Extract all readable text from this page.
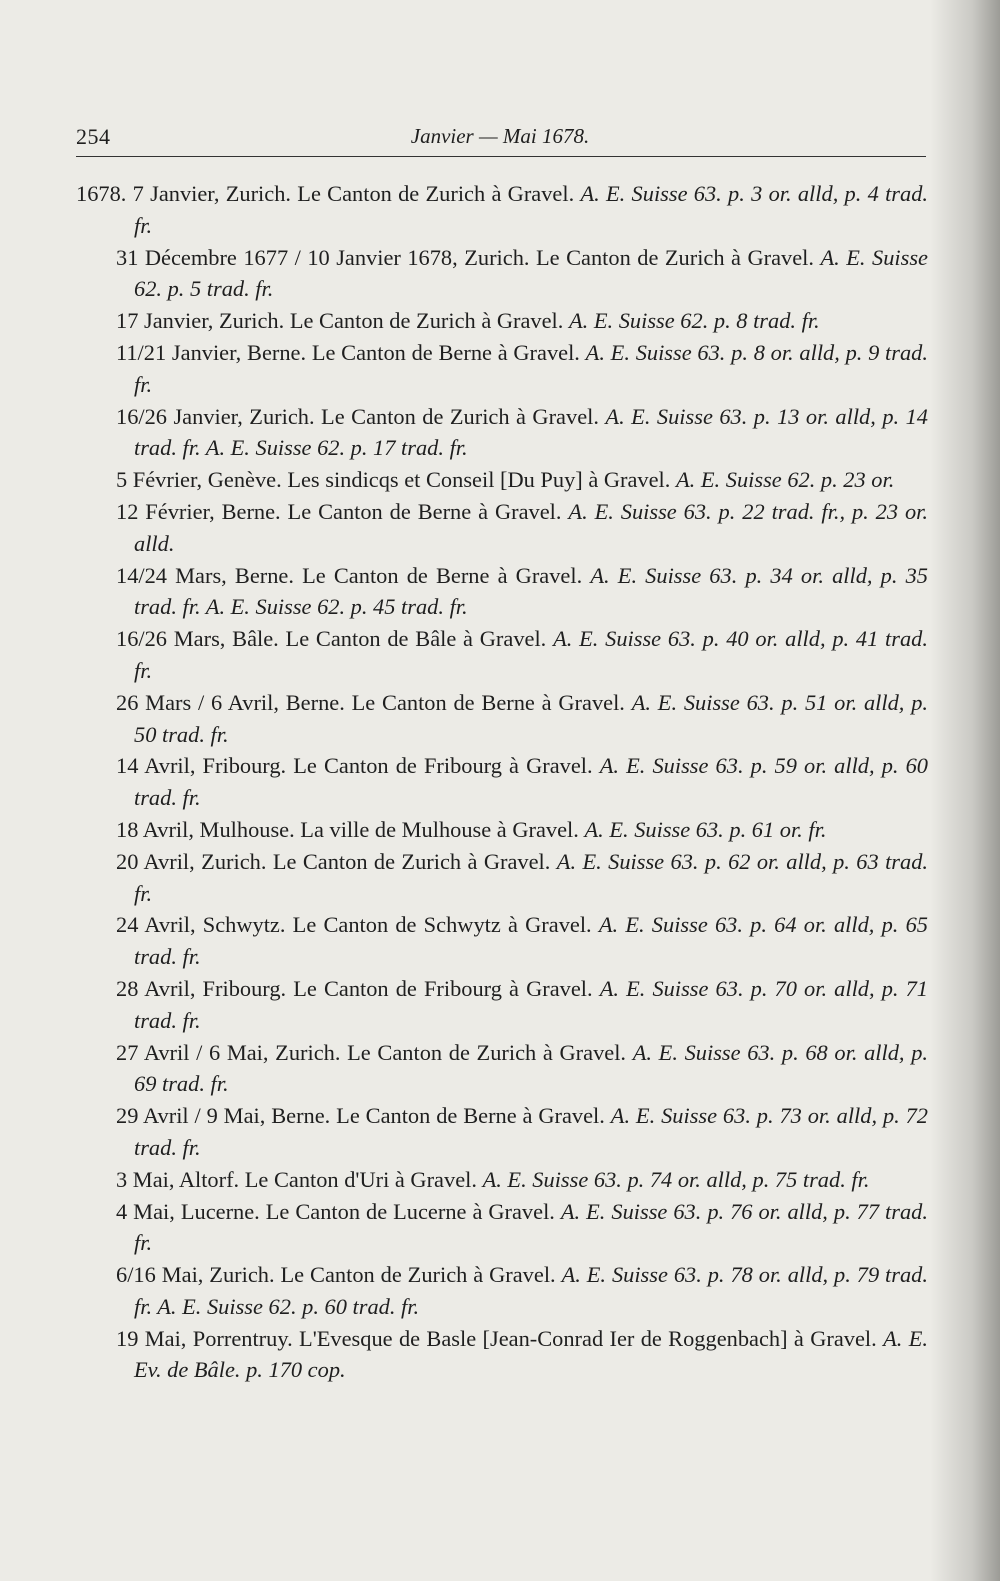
254	Janvier — Mai 1678.

1678. 7 Janvier, Zurich. Le Canton de Zurich à Gravel. A. E. Suisse 63. p. 3 or. alld, p. 4 trad. fr.

31 Décembre 1677 / 10 Janvier 1678, Zurich. Le Canton de Zurich à Gravel. A. E. Suisse 62. p. 5 trad. fr.

17 Janvier, Zurich. Le Canton de Zurich à Gravel. A. E. Suisse 62. p. 8 trad. fr.

11/21 Janvier, Berne. Le Canton de Berne à Gravel. A. E. Suisse 63. p. 8 or. alld, p. 9 trad. fr.

16/26 Janvier, Zurich. Le Canton de Zurich à Gravel. A. E. Suisse 63. p. 13 or. alld, p. 14 trad. fr. A. E. Suisse 62. p. 17 trad. fr.

5 Février, Genève. Les sindicqs et Conseil [Du Puy] à Gravel. A. E. Suisse 62. p. 23 or.

12 Février, Berne. Le Canton de Berne à Gravel. A. E. Suisse 63. p. 22 trad. fr., p. 23 or. alld.

14/24 Mars, Berne. Le Canton de Berne à Gravel. A. E. Suisse 63. p. 34 or. alld, p. 35 trad. fr. A. E. Suisse 62. p. 45 trad. fr.

16/26 Mars, Bâle. Le Canton de Bâle à Gravel. A. E. Suisse 63. p. 40 or. alld, p. 41 trad. fr.

26 Mars / 6 Avril, Berne. Le Canton de Berne à Gravel. A. E. Suisse 63. p. 51 or. alld, p. 50 trad. fr.

14 Avril, Fribourg. Le Canton de Fribourg à Gravel. A. E. Suisse 63. p. 59 or. alld, p. 60 trad. fr.

18 Avril, Mulhouse. La ville de Mulhouse à Gravel. A. E. Suisse 63. p. 61 or. fr.

20 Avril, Zurich. Le Canton de Zurich à Gravel. A. E. Suisse 63. p. 62 or. alld, p. 63 trad. fr.

24 Avril, Schwytz. Le Canton de Schwytz à Gravel. A. E. Suisse 63. p. 64 or. alld, p. 65 trad. fr.

28 Avril, Fribourg. Le Canton de Fribourg à Gravel. A. E. Suisse 63. p. 70 or. alld, p. 71 trad. fr.

27 Avril / 6 Mai, Zurich. Le Canton de Zurich à Gravel. A. E. Suisse 63. p. 68 or. alld, p. 69 trad. fr.

29 Avril / 9 Mai, Berne. Le Canton de Berne à Gravel. A. E. Suisse 63. p. 73 or. alld, p. 72 trad. fr.

3 Mai, Altorf. Le Canton d'Uri à Gravel. A. E. Suisse 63. p. 74 or. alld, p. 75 trad. fr.

4 Mai, Lucerne. Le Canton de Lucerne à Gravel. A. E. Suisse 63. p. 76 or. alld, p. 77 trad. fr.

6/16 Mai, Zurich. Le Canton de Zurich à Gravel. A. E. Suisse 63. p. 78 or. alld, p. 79 trad. fr. A. E. Suisse 62. p. 60 trad. fr.

19 Mai, Porrentruy. L'Evesque de Basle [Jean-Conrad Ier de Roggenbach] à Gravel. A. E. Ev. de Bâle. p. 170 cop.
